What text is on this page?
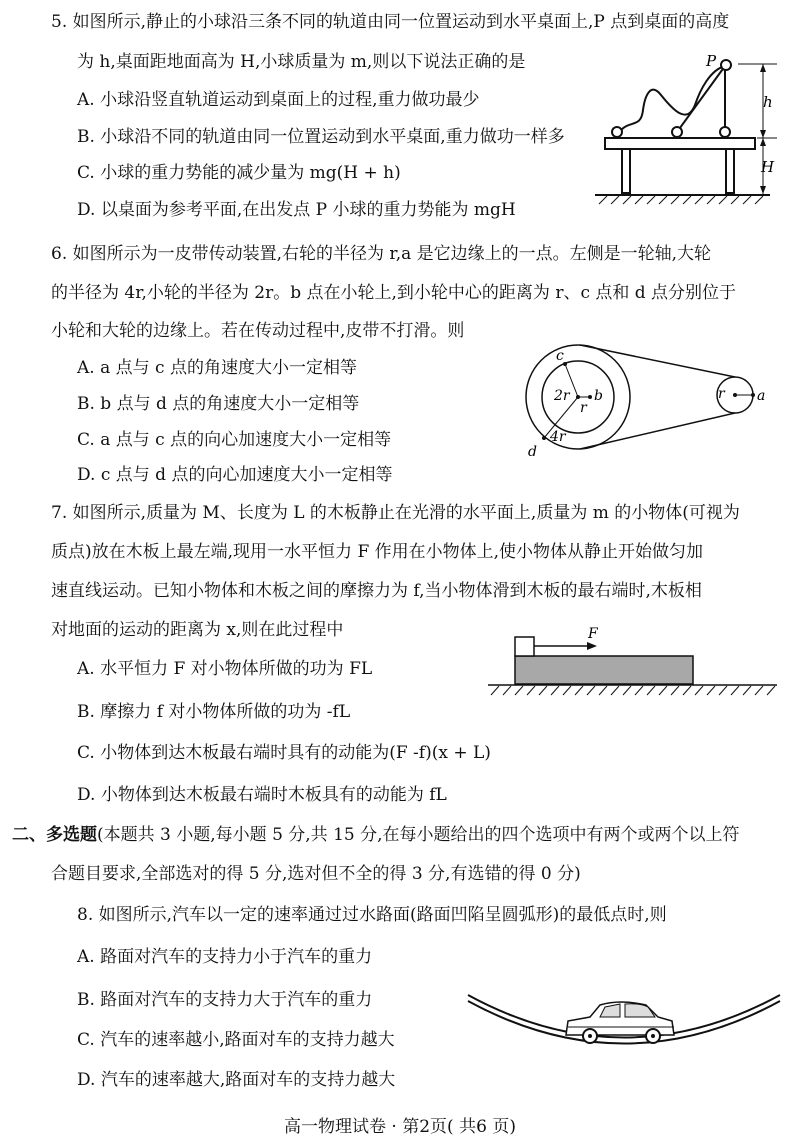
5. 如图所示,静止的小球沿三条不同的轨道由同一位置运动到水平桌面上,P 点到桌面的高度
为 h,桌面距地面高为 H,小球质量为 m,则以下说法正确的是
A. 小球沿竖直轨道运动到桌面上的过程,重力做功最少
B. 小球沿不同的轨道由同一位置运动到水平桌面,重力做功一样多
C. 小球的重力势能的减少量为 mg(H + h)
D. 以桌面为参考平面,在出发点 P 小球的重力势能为 mgH
P
h
H
6. 如图所示为一皮带传动装置,右轮的半径为 r,a 是它边缘上的一点。左侧是一轮轴,大轮
的半径为 4r,小轮的半径为 2r。b 点在小轮上,到小轮中心的距离为 r、c 点和 d 点分别位于
小轮和大轮的边缘上。若在传动过程中,皮带不打滑。则
A. a 点与 c 点的角速度大小一定相等
B. b 点与 d 点的角速度大小一定相等
C. a 点与 c 点的向心加速度大小一定相等
D. c 点与 d 点的向心加速度大小一定相等
c
2r
r
b
4r
d
r a
7. 如图所示,质量为 M、长度为 L 的木板静止在光滑的水平面上,质量为 m 的小物体(可视为
质点)放在木板上最左端,现用一水平恒力 F 作用在小物体上,使小物体从静止开始做匀加
速直线运动。已知小物体和木板之间的摩擦力为 f,当小物体滑到木板的最右端时,木板相
对地面的运动的距离为 x,则在此过程中
A. 水平恒力 F 对小物体所做的功为 FL
B. 摩擦力 f 对小物体所做的功为 -fL
C. 小物体到达木板最右端时具有的动能为(F -f)(x + L)
D. 小物体到达木板最右端时木板具有的动能为 fL
F
二、多选题(本题共 3 小题,每小题 5 分,共 15 分,在每小题给出的四个选项中有两个或两个以上符
合题目要求,全部选对的得 5 分,选对但不全的得 3 分,有选错的得 0 分)
8. 如图所示,汽车以一定的速率通过过水路面(路面凹陷呈圆弧形)的最低点时,则
A. 路面对汽车的支持力小于汽车的重力
B. 路面对汽车的支持力大于汽车的重力
C. 汽车的速率越小,路面对车的支持力越大
D. 汽车的速率越大,路面对车的支持力越大
高一物理试卷 · 第2页( 共6 页)
